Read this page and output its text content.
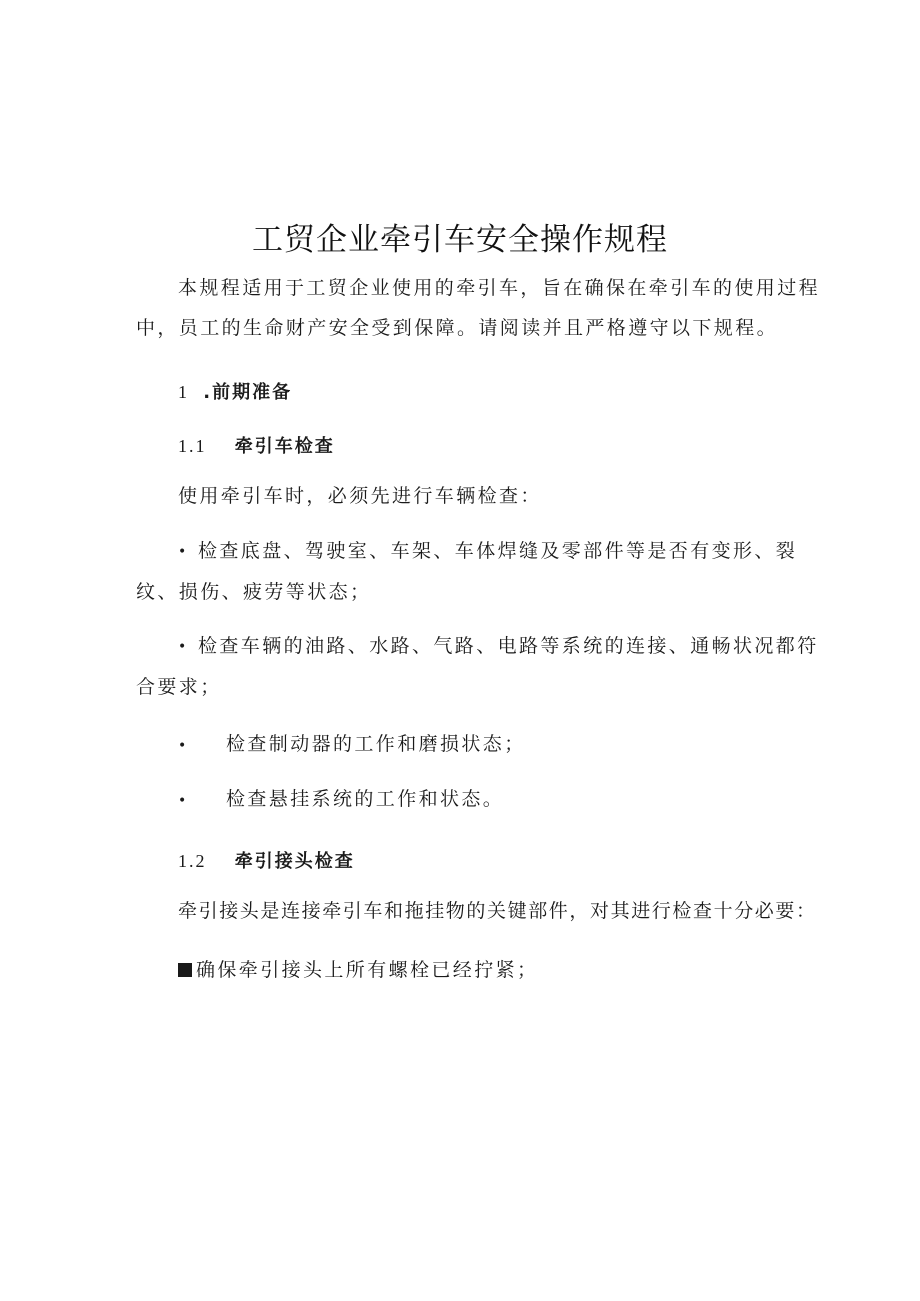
工贸企业牵引车安全操作规程
本规程适用于工贸企业使用的牵引车，旨在确保在牵引车的使用过程
中，员工的生命财产安全受到保障。请阅读并且严格遵守以下规程。
1 .前期准备
1.1 牵引车检查
使用牵引车时，必须先进行车辆检查：
• 检查底盘、驾驶室、车架、车体焊缝及零部件等是否有变形、裂
纹、损伤、疲劳等状态；
• 检查车辆的油路、水路、气路、电路等系统的连接、通畅状况都符
合要求；
• 检查制动器的工作和磨损状态；
• 检查悬挂系统的工作和状态。
1.2 牵引接头检查
牵引接头是连接牵引车和拖挂物的关键部件，对其进行检查十分必要：
确保牵引接头上所有螺栓已经拧紧；
